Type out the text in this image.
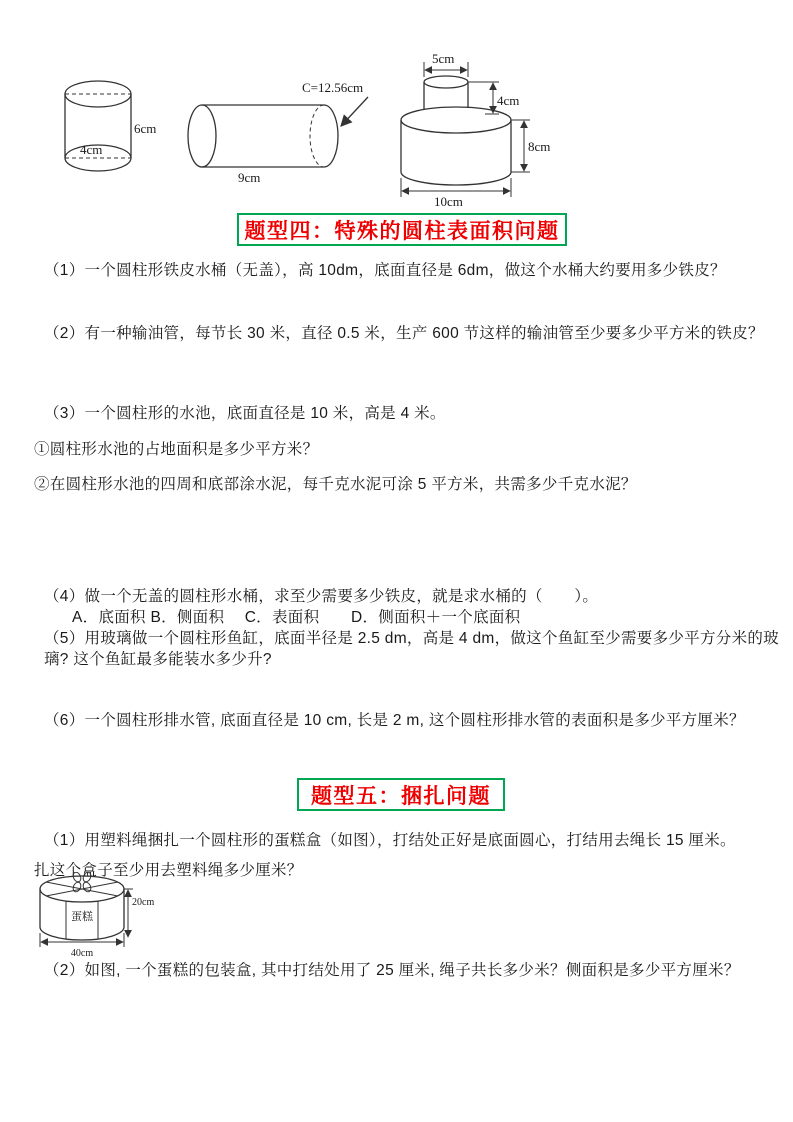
6cm
4cm
9cm
C=12.56cm
5cm
4cm
8cm
10cm
题型四：特殊的圆柱表面积问题

（1）一个圆柱形铁皮水桶（无盖），高 10dm，底面直径是 6dm，做这个水桶大约要用多少铁皮？

（2）有一种输油管，每节长 30 米，直径 0.5 米，生产 600 节这样的输油管至少要多少平方米的铁皮？

（3）一个圆柱形的水池，底面直径是 10 米，高是 4 米。

①圆柱形水池的占地面积是多少平方米？

②在圆柱形水池的四周和底部涂水泥，每千克水泥可涂 5 平方米，共需多少千克水泥？

（4）做一个无盖的圆柱形水桶，求至少需要多少铁皮，就是求水桶的（　　）。

A．底面积 B．侧面积　 C．表面积　　D．侧面积＋一个底面积

（5）用玻璃做一个圆柱形鱼缸，底面半径是 2.5 dm，高是 4 dm，做这个鱼缸至少需要多少平方分米的玻璃? 这个鱼缸最多能装水多少升?

（6）一个圆柱形排水管, 底面直径是 10 cm, 长是 2 m, 这个圆柱形排水管的表面积是多少平方厘米？

题型五：捆扎问题

（1）用塑料绳捆扎一个圆柱形的蛋糕盒（如图），打结处正好是底面圆心，打结用去绳长 15 厘米。

扎这个盒子至少用去塑料绳多少厘米？

蛋糕
20cm
40cm

（2）如图, 一个蛋糕的包装盒, 其中打结处用了 25 厘米, 绳子共长多少米？侧面积是多少平方厘米？
